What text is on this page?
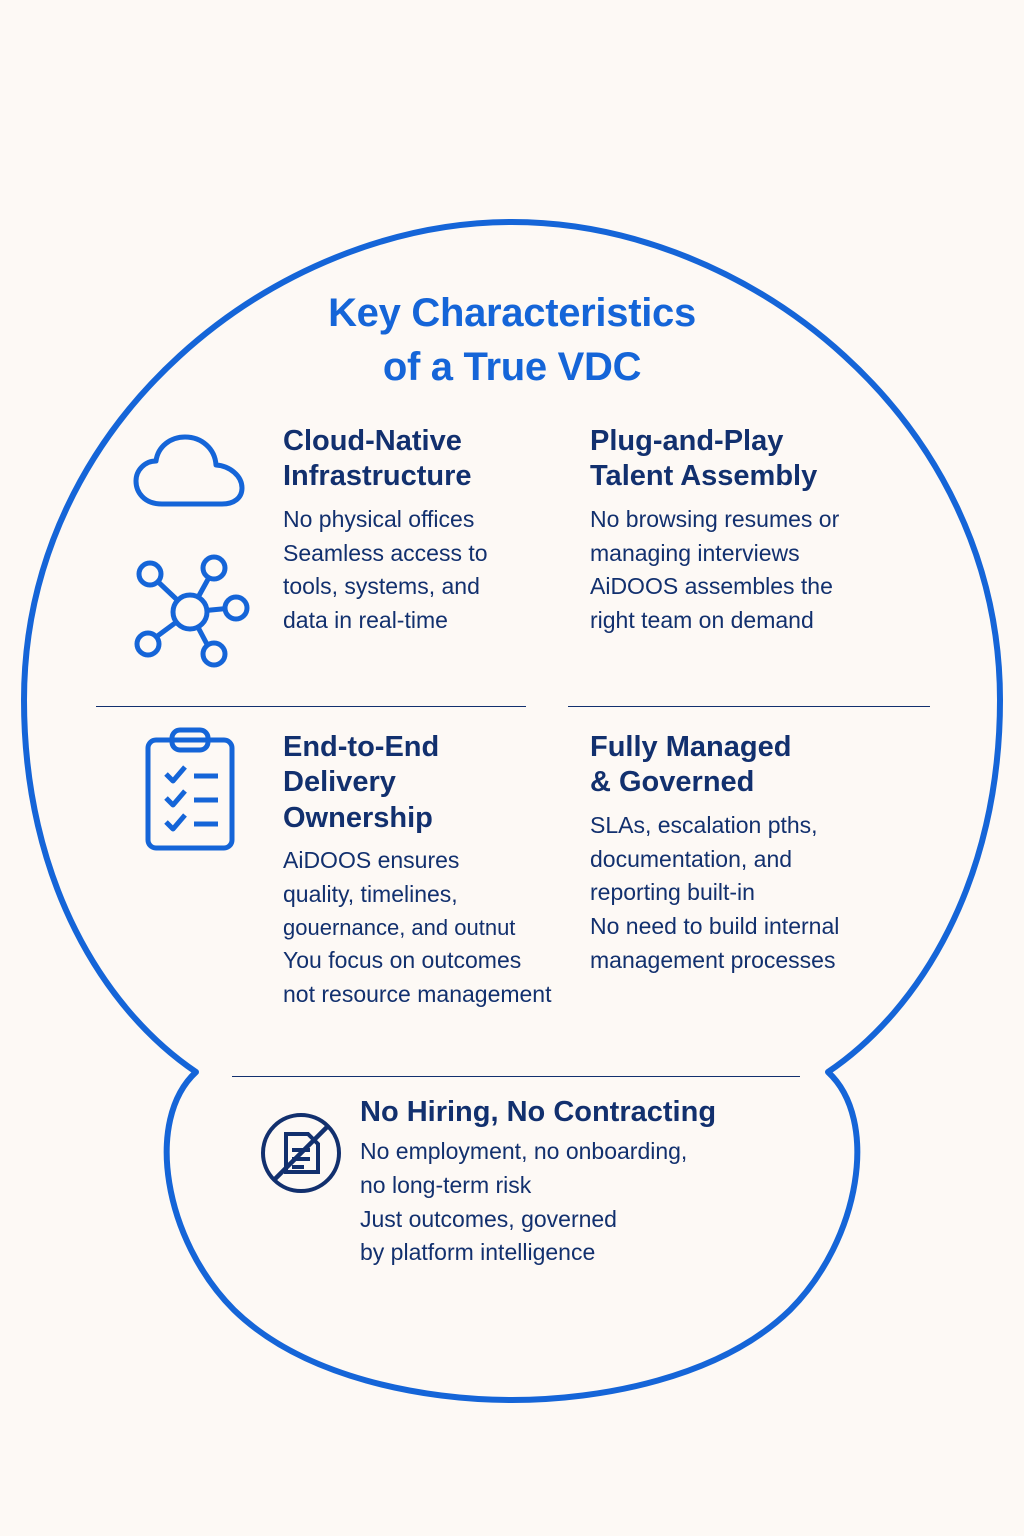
Key Characteristics
of a True VDC
Cloud-Native
Infrastructure
No physical offices
Seamless access to
tools, systems, and
data in real-time
Plug-and-Play
Talent Assembly
No browsing resumes or
managing interviews
AiDOOS assembles the
right team on demand
End-to-End
Delivery
Ownership
AiDOOS ensures
quality, timelines,
gouernance, and outnut
You focus on outcomes
not resource management
Fully Managed
& Governed
SLAs, escalation pths,
documentation, and
reporting built-in
No need to build internal
management processes
No Hiring, No Contracting
No employment, no onboarding,
no long-term risk
Just outcomes, governed
by platform intelligence
